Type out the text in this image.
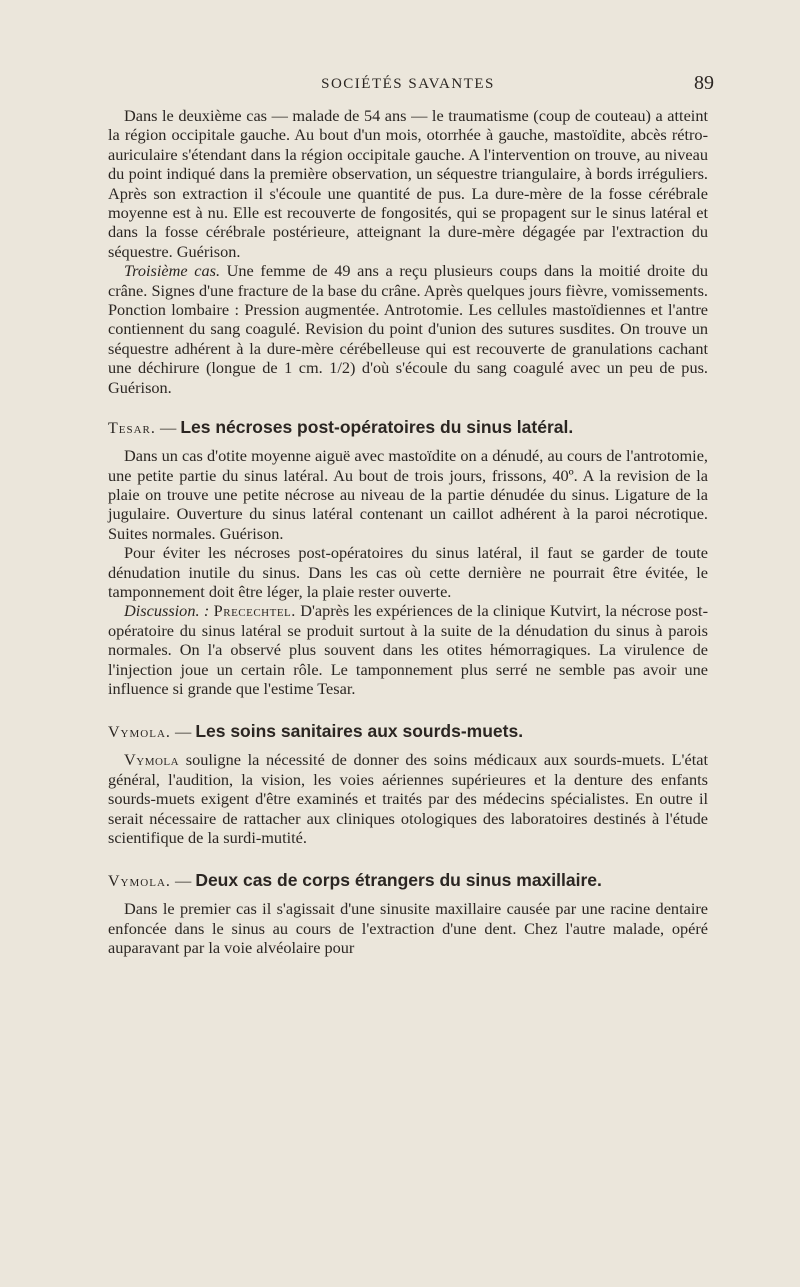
SOCIÉTÉS SAVANTES	89

Dans le deuxième cas — malade de 54 ans — le traumatisme (coup de couteau) a atteint la région occipitale gauche. Au bout d'un mois, otorrhée à gauche, mastoïdite, abcès rétro-auriculaire s'étendant dans la région occipitale gauche. A l'intervention on trouve, au niveau du point indiqué dans la première observation, un séquestre triangulaire, à bords irréguliers. Après son extraction il s'écoule une quantité de pus. La dure-mère de la fosse cérébrale moyenne est à nu. Elle est recouverte de fongosités, qui se propagent sur le sinus latéral et dans la fosse cérébrale postérieure, atteignant la dure-mère dégagée par l'extraction du séquestre. Guérison.

Troisième cas. Une femme de 49 ans a reçu plusieurs coups dans la moitié droite du crâne. Signes d'une fracture de la base du crâne. Après quelques jours fièvre, vomissements. Ponction lombaire : Pression augmentée. Antrotomie. Les cellules mastoïdiennes et l'antre contiennent du sang coagulé. Revision du point d'union des sutures susdites. On trouve un séquestre adhérent à la dure-mère cérébelleuse qui est recouverte de granulations cachant une déchirure (longue de 1 cm. 1/2) d'où s'écoule du sang coagulé avec un peu de pus. Guérison.

Tesar. — Les nécroses post-opératoires du sinus latéral.

Dans un cas d'otite moyenne aiguë avec mastoïdite on a dénudé, au cours de l'antrotomie, une petite partie du sinus latéral. Au bout de trois jours, frissons, 40º. A la revision de la plaie on trouve une petite nécrose au niveau de la partie dénudée du sinus. Ligature de la jugulaire. Ouverture du sinus latéral contenant un caillot adhérent à la paroi nécrotique. Suites normales. Guérison.

Pour éviter les nécroses post-opératoires du sinus latéral, il faut se garder de toute dénudation inutile du sinus. Dans les cas où cette dernière ne pourrait être évitée, le tamponnement doit être léger, la plaie rester ouverte.

Discussion. : Precechtel. D'après les expériences de la clinique Kutvirt, la nécrose post-opératoire du sinus latéral se produit surtout à la suite de la dénudation du sinus à parois normales. On l'a observé plus souvent dans les otites hémorragiques. La virulence de l'injection joue un certain rôle. Le tamponnement plus serré ne semble pas avoir une influence si grande que l'estime Tesar.

Vymola. — Les soins sanitaires aux sourds-muets.

Vymola souligne la nécessité de donner des soins médicaux aux sourds-muets. L'état général, l'audition, la vision, les voies aériennes supérieures et la denture des enfants sourds-muets exigent d'être examinés et traités par des médecins spécialistes. En outre il serait nécessaire de rattacher aux cliniques otologiques des laboratoires destinés à l'étude scientifique de la surdi-mutité.

Vymola. — Deux cas de corps étrangers du sinus maxillaire.

Dans le premier cas il s'agissait d'une sinusite maxillaire causée par une racine dentaire enfoncée dans le sinus au cours de l'extraction d'une dent. Chez l'autre malade, opéré auparavant par la voie alvéolaire pour
